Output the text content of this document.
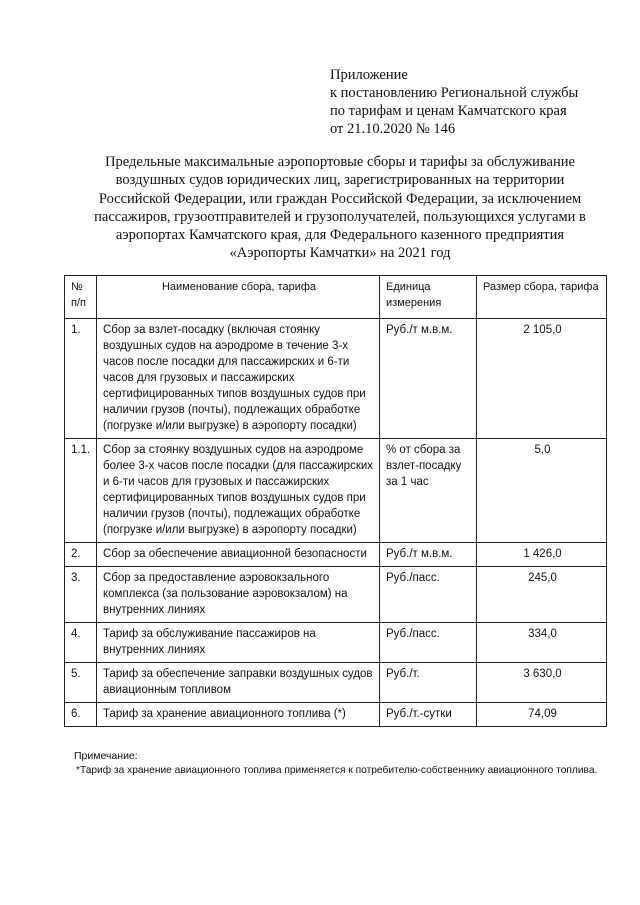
Приложение
к постановлению Региональной службы
по тарифам и ценам Камчатского края
от 21.10.2020 № 146
Предельные максимальные аэропортовые сборы и тарифы за обслуживание
воздушных судов юридических лиц, зарегистрированных на территории
Российской Федерации, или граждан Российской Федерации, за исключением
пассажиров, грузоотправителей и грузополучателей, пользующихся услугами в
аэропортах Камчатского края, для Федерального казенного предприятия
«Аэропорты Камчатки» на 2021 год
№ п/п	Наименование сбора, тарифа	Единица измерения	Размер сбора, тарифа
1.	Сбор за взлет-посадку (включая стоянку воздушных судов на аэродроме в течение 3-х часов после посадки для пассажирских и 6-ти часов для грузовых и пассажирских сертифицированных типов воздушных судов при наличии грузов (почты), подлежащих обработке (погрузке и/или выгрузке) в аэропорту посадки)	Руб./т м.в.м.	2 105,0
1.1.	Сбор за стоянку воздушных судов на аэродроме более 3-х часов после посадки (для пассажирских и 6-ти часов для грузовых и пассажирских сертифицированных типов воздушных судов при наличии грузов (почты), подлежащих обработке (погрузке и/или выгрузке) в аэропорту посадки)	% от сбора за взлет-посадку за 1 час	5,0
2.	Сбор за обеспечение авиационной безопасности	Руб./т м.в.м.	1 426,0
3.	Сбор за предоставление аэровокзального комплекса (за пользование аэровокзалом) на внутренних линиях	Руб./пасс.	245,0
4.	Тариф за обслуживание пассажиров на внутренних линиях	Руб./пасс.	334,0
5.	Тариф за обеспечение заправки воздушных судов авиационным топливом	Руб./т.	3 630,0
6.	Тариф за хранение авиационного топлива (*)	Руб./т.-сутки	74,09
Примечание:
*Тариф за хранение авиационного топлива применяется к потребителю-собственнику авиационного топлива.
